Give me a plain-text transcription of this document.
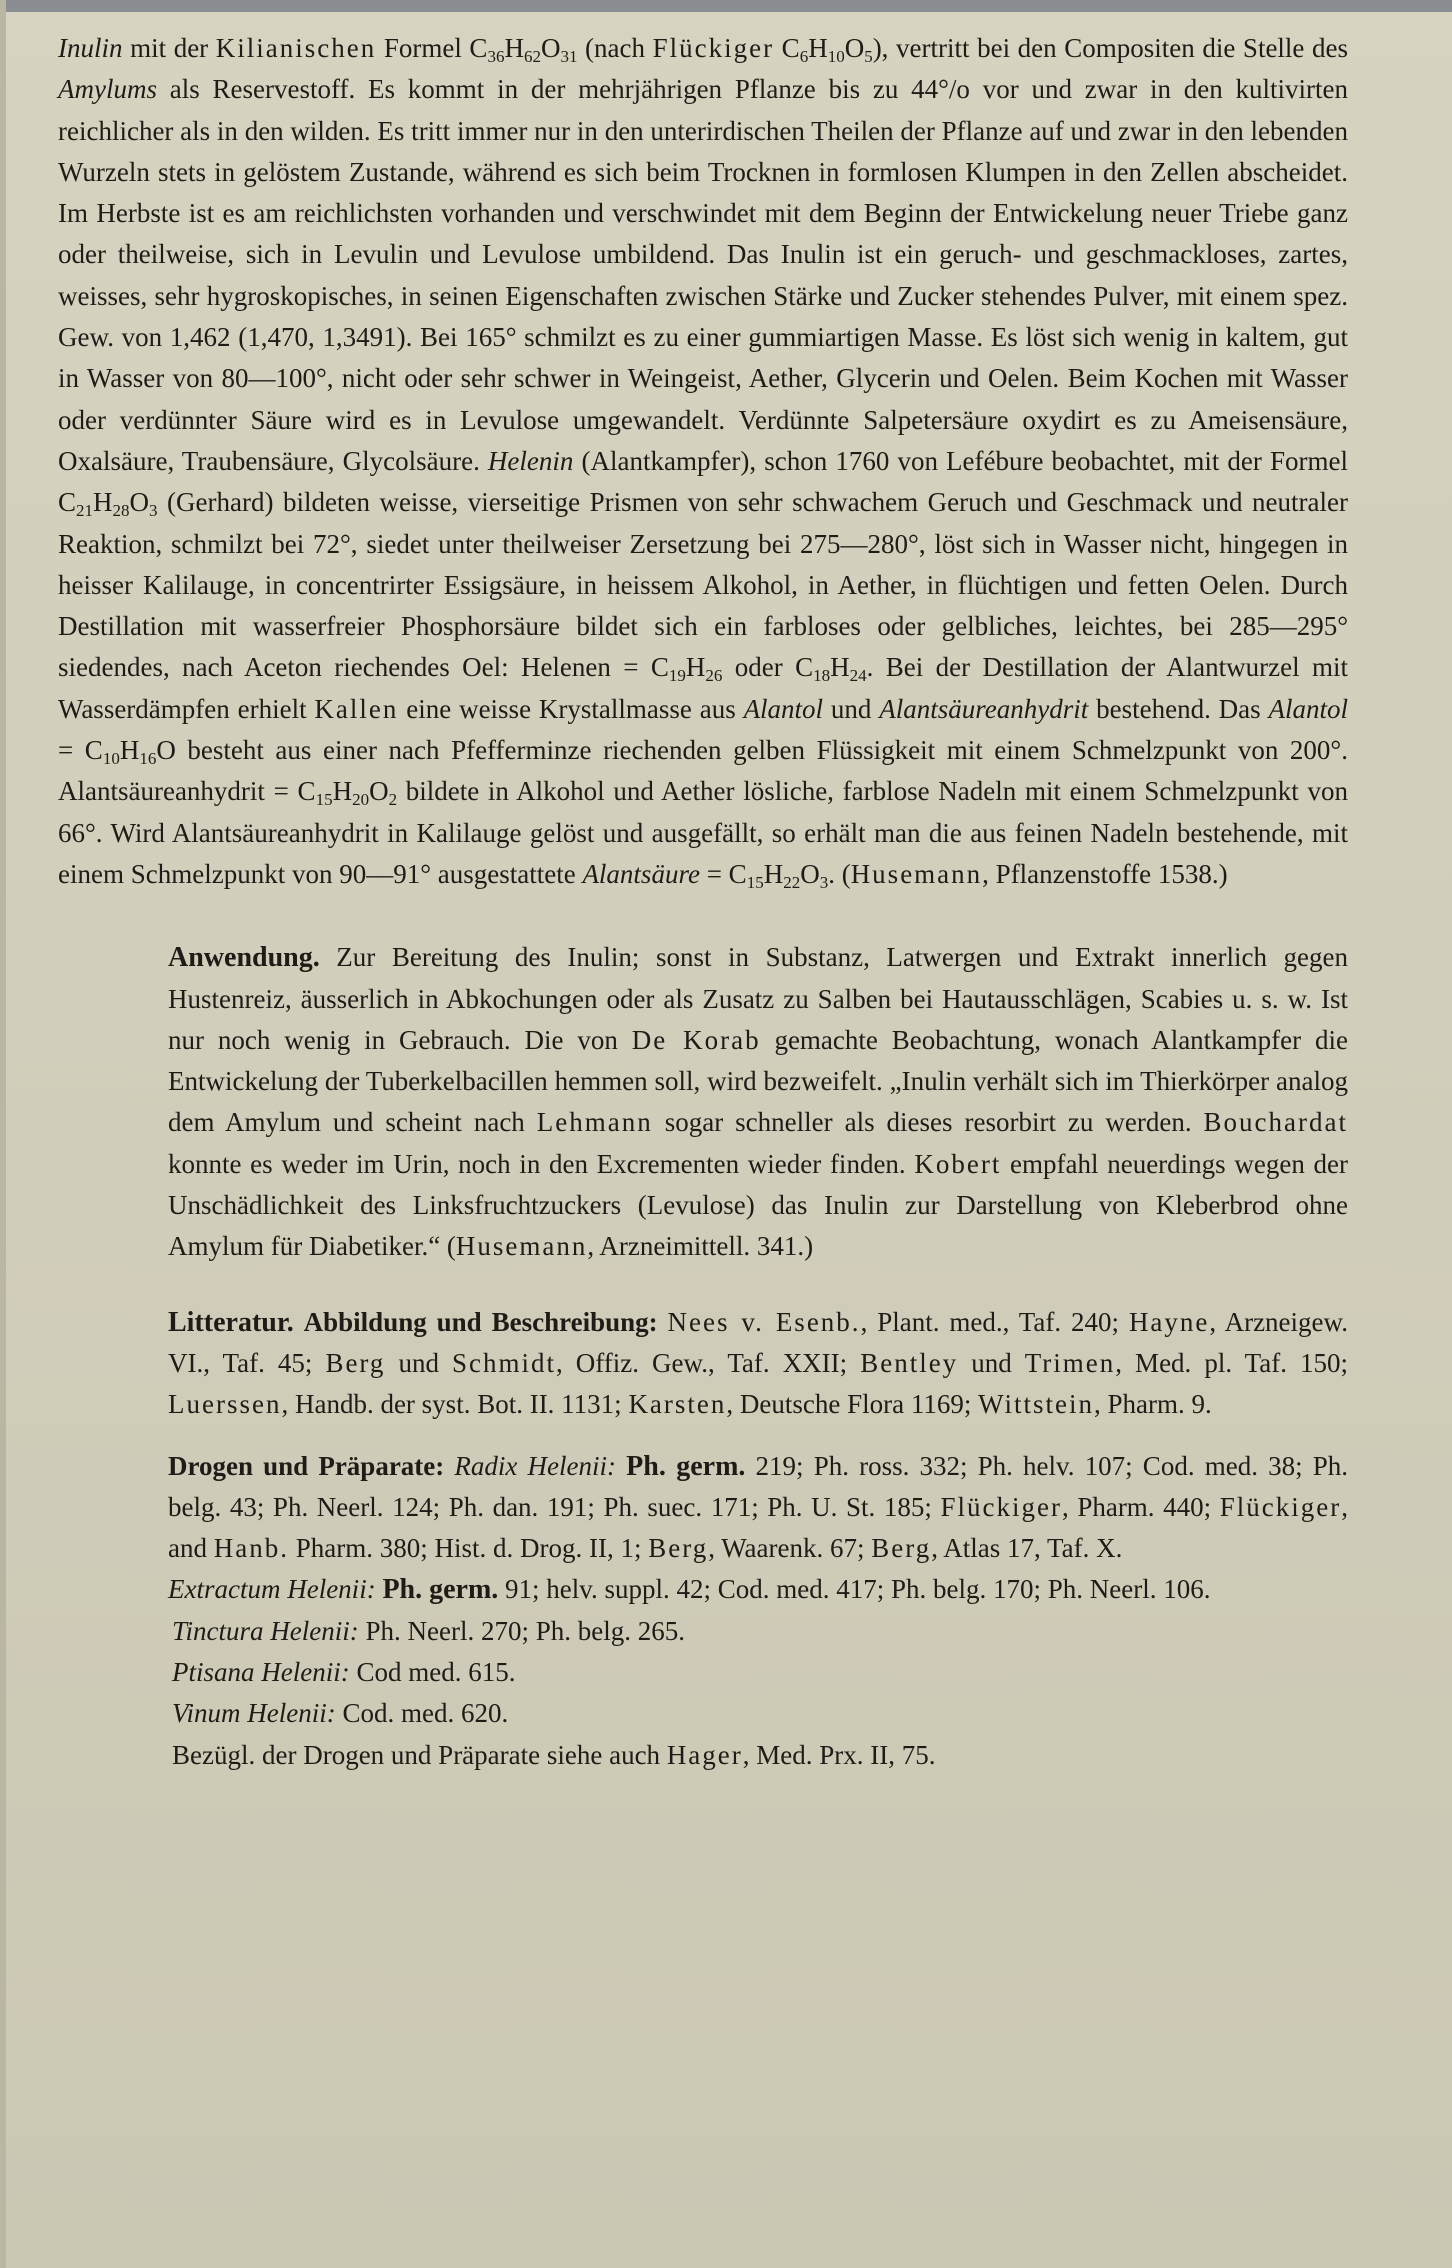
Inulin mit der Kilianischen Formel $C_{36}H_{62}O_{31}$ (nach Flückiger $C_6H_{10}O_5$), vertritt bei den Compositen die Stelle des Amylums als Reservestoff. Es kommt in der mehrjährigen Pflanze bis zu 44°/o vor und zwar in den kultivirten reichlicher als in den wilden. Es tritt immer nur in den unterirdischen Theilen der Pflanze auf und zwar in den lebenden Wurzeln stets in gelöstem Zustande, während es sich beim Trocknen in formlosen Klumpen in den Zellen abscheidet. Im Herbste ist es am reichlichsten vorhanden und verschwindet mit dem Beginn der Entwickelung neuer Triebe ganz oder theilweise, sich in Levulin und Levulose umbildend. Das Inulin ist ein geruch- und geschmackloses, zartes, weisses, sehr hygroskopisches, in seinen Eigenschaften zwischen Stärke und Zucker stehendes Pulver, mit einem spez. Gew. von 1,462 (1,470, 1,3491). Bei 165° schmilzt es zu einer gummiartigen Masse. Es löst sich wenig in kaltem, gut in Wasser von 80—100°, nicht oder sehr schwer in Weingeist, Aether, Glycerin und Oelen. Beim Kochen mit Wasser oder verdünnter Säure wird es in Levulose umgewandelt. Verdünnte Salpetersäure oxydirt es zu Ameisensäure, Oxalsäure, Traubensäure, Glycolsäure. Helenin (Alantkampfer), schon 1760 von Lefébure beobachtet, mit der Formel $C_{21}H_{28}O_3$ (Gerhard) bildeten weisse, vierseitige Prismen von sehr schwachem Geruch und Geschmack und neutraler Reaktion, schmilzt bei 72°, siedet unter theilweiser Zersetzung bei 275—280°, löst sich in Wasser nicht, hingegen in heisser Kalilauge, in concentrirter Essigsäure, in heissem Alkohol, in Aether, in flüchtigen und fetten Oelen. Durch Destillation mit wasserfreier Phosphorsäure bildet sich ein farbloses oder gelbliches, leichtes, bei 285—295° siedendes, nach Aceton riechendes Oel: Helenen = $C_{19}H_{26}$ oder $C_{18}H_{24}$. Bei der Destillation der Alantwurzel mit Wasserdämpfen erhielt Kallen eine weisse Krystallmasse aus Alantol und Alantsäureanhydrit bestehend. Das Alantol = $C_{10}H_{16}O$ besteht aus einer nach Pfefferminze riechenden gelben Flüssigkeit mit einem Schmelzpunkt von 200°. Alantsäureanhydrit = $C_{15}H_{20}O_2$ bildete in Alkohol und Aether lösliche, farblose Nadeln mit einem Schmelzpunkt von 66°. Wird Alantsäureanhydrit in Kalilauge gelöst und ausgefällt, so erhält man die aus feinen Nadeln bestehende, mit einem Schmelzpunkt von 90—91° ausgestattete Alantsäure = $C_{15}H_{22}O_3$. (Husemann, Pflanzenstoffe 1538.)

Anwendung. Zur Bereitung des Inulin; sonst in Substanz, Latwergen und Extrakt innerlich gegen Hustenreiz, äusserlich in Abkochungen oder als Zusatz zu Salben bei Hautausschlägen, Scabies u. s. w. Ist nur noch wenig in Gebrauch. Die von De Korab gemachte Beobachtung, wonach Alantkampfer die Entwickelung der Tuberkelbacillen hemmen soll, wird bezweifelt. „Inulin verhält sich im Thierkörper analog dem Amylum und scheint nach Lehmann sogar schneller als dieses resorbirt zu werden. Bouchardat konnte es weder im Urin, noch in den Excrementen wieder finden. Kobert empfahl neuerdings wegen der Unschädlichkeit des Linksfruchtzuckers (Levulose) das Inulin zur Darstellung von Kleberbrod ohne Amylum für Diabetiker.“ (Husemann, Arzneimittell. 341.)

Litteratur. Abbildung und Beschreibung: Nees v. Esenb., Plant. med., Taf. 240; Hayne, Arzneigew. VI., Taf. 45; Berg und Schmidt, Offiz. Gew., Taf. XXII; Bentley und Trimen, Med. pl. Taf. 150; Luerssen, Handb. der syst. Bot. II. 1131; Karsten, Deutsche Flora 1169; Wittstein, Pharm. 9.

Drogen und Präparate: Radix Helenii: Ph. germ. 219; Ph. ross. 332; Ph. helv. 107; Cod. med. 38; Ph. belg. 43; Ph. Neerl. 124; Ph. dan. 191; Ph. suec. 171; Ph. U. St. 185; Flückiger, Pharm. 440; Flückiger, and Hanb. Pharm. 380; Hist. d. Drog. II, 1; Berg, Waarenk. 67; Berg, Atlas 17, Taf. X.

Extractum Helenii: Ph. germ. 91; helv. suppl. 42; Cod. med. 417; Ph. belg. 170; Ph. Neerl. 106.

Tinctura Helenii: Ph. Neerl. 270; Ph. belg. 265.

Ptisana Helenii: Cod med. 615.

Vinum Helenii: Cod. med. 620.

Bezügl. der Drogen und Präparate siehe auch Hager, Med. Prx. II, 75.
